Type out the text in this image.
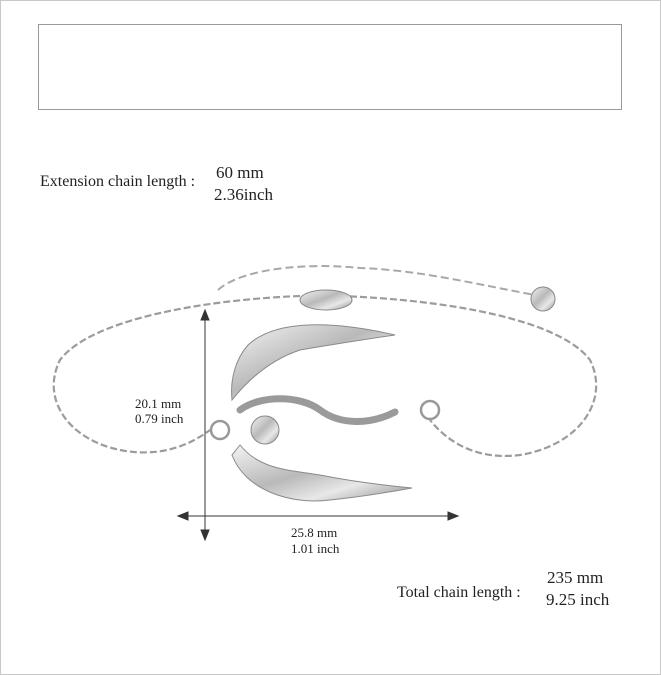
Extension chain length : 60 mm
2.36inch
20.1 mm
0.79 inch
25.8 mm
1.01 inch
Total chain length :
235 mm
9.25 inch
